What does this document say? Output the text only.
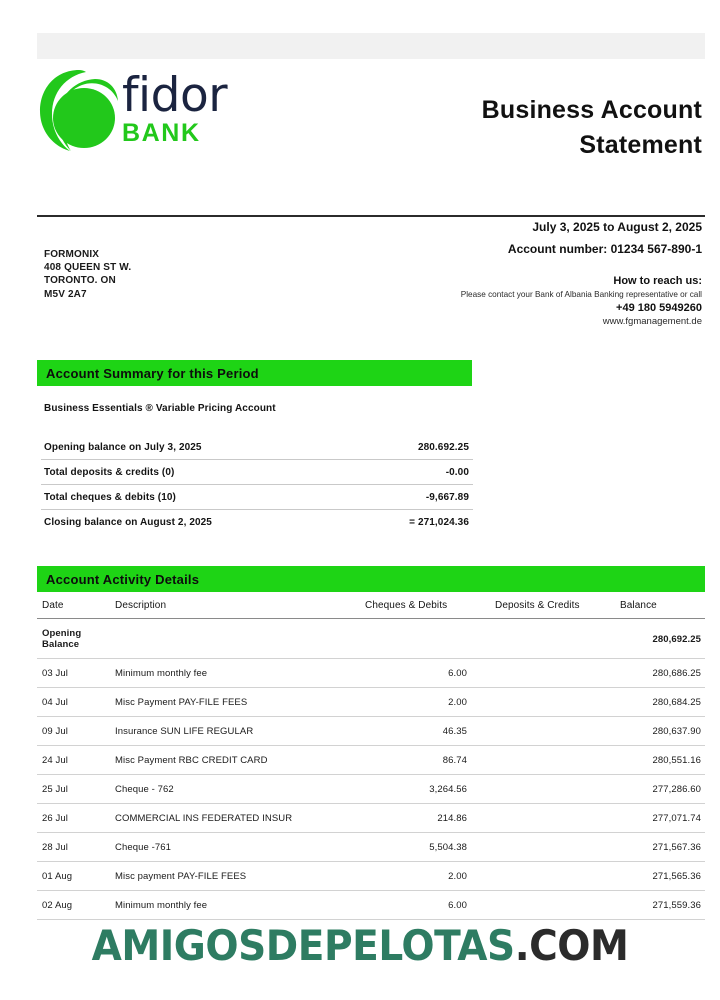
fidor
BANK
Business Account
Statement
FORMONIX
408 QUEEN ST W.
TORONTO. ON
M5V 2A7
July 3, 2025 to August 2, 2025
Account number: 01234 567-890-1
How to reach us:
Please contact your Bank of Albania Banking representative or call
+49 180 5949260
www.fgmanagement.de
Account Summary for this Period
Business Essentials ® Variable Pricing Account
Opening balance on July 3, 2025	280.692.25
Total deposits & credits (0)	-0.00
Total cheques & debits (10)	-9,667.89
Closing balance on August 2, 2025	= 271,024.36
Account Activity Details
Date	Description	Cheques & Debits	Deposits & Credits	Balance
Opening Balance				280,692.25
03 Jul	Minimum monthly fee	6.00		280,686.25
04 Jul	Misc Payment PAY-FILE FEES	2.00		280,684.25
09 Jul	Insurance SUN LIFE REGULAR	46.35		280,637.90
24 Jul	Misc Payment RBC CREDIT CARD	86.74		280,551.16
25 Jul	Cheque - 762	3,264.56		277,286.60
26 Jul	COMMERCIAL INS FEDERATED INSUR	214.86		277,071.74
28 Jul	Cheque -761	5,504.38		271,567.36
01 Aug	Misc payment PAY-FILE FEES	2.00		271,565.36
02 Aug	Minimum monthly fee	6.00		271,559.36
AMIGOSDEPELOTAS.COM
